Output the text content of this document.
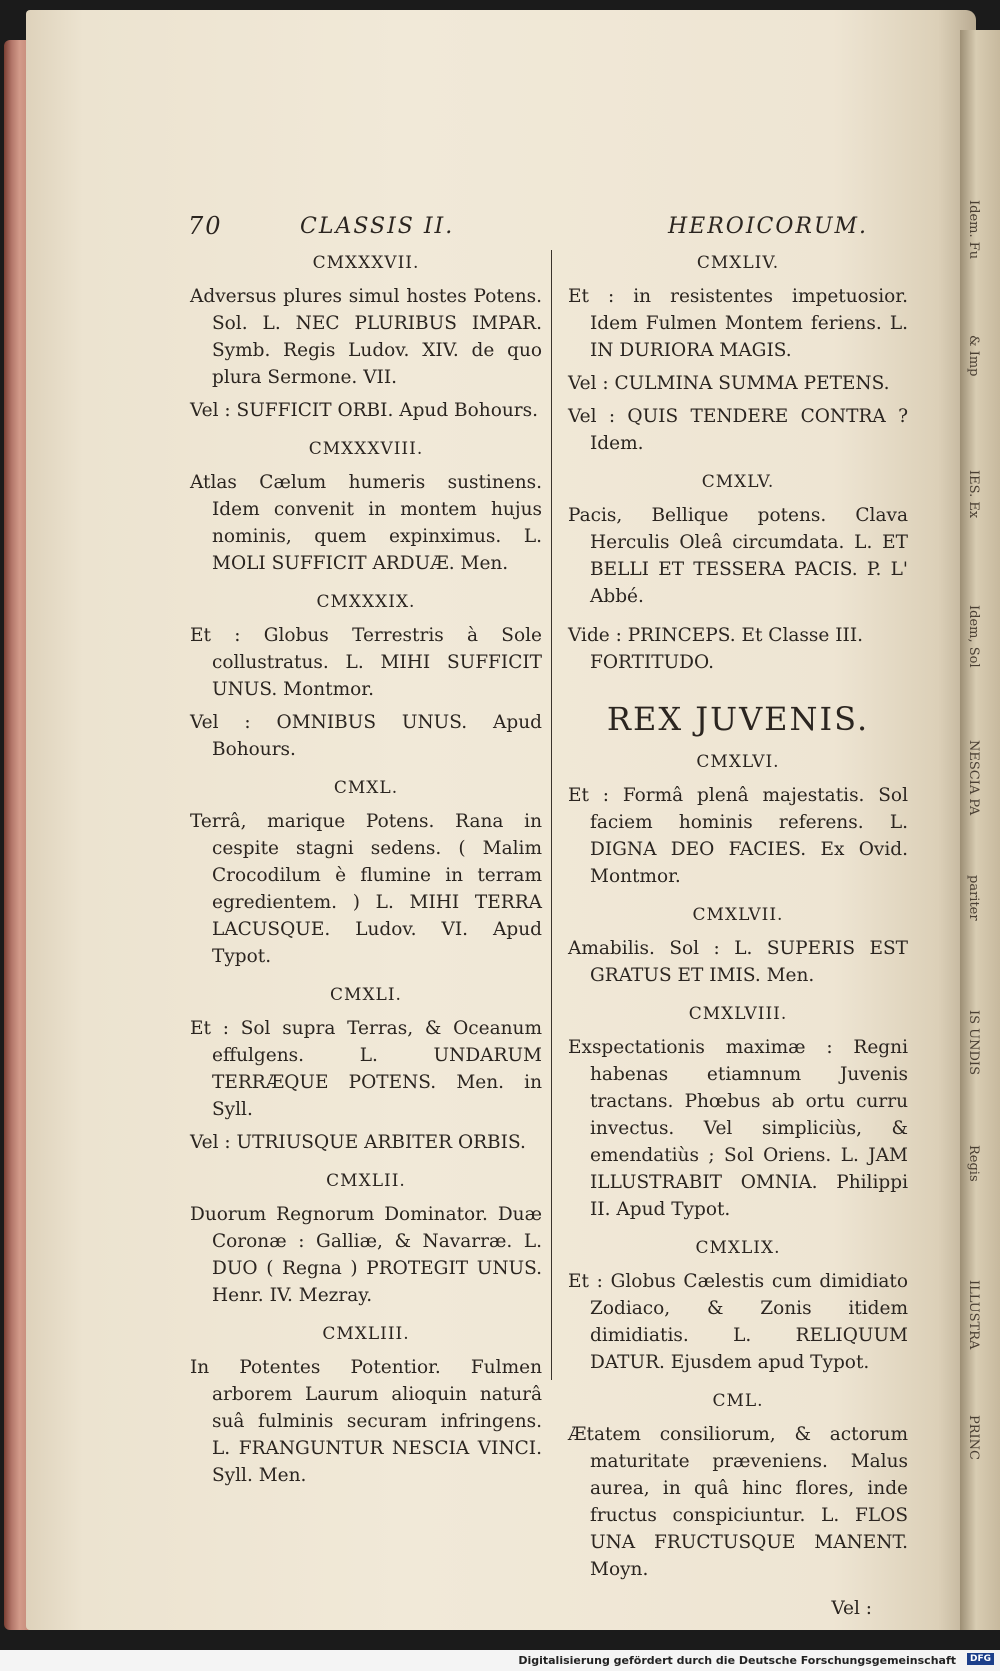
Idem. Fu
& Imp
IES. Ex
Idem, Sol
NESCIA PA
pariter
IS UNDIS
Regis
ILLUSTRA
PRINC
70	CLASSIS II.	HEROICORUM.
CMXXXVII.
Adversus plures simul hostes Potens. Sol. L. NEC PLURIBUS IMPAR. Symb. Regis Ludov. XIV. de quo plura Sermone. VII.
Vel : SUFFICIT ORBI. Apud Bohours.
CMXXXVIII.
Atlas Cælum humeris sustinens. Idem convenit in montem hujus nominis, quem expinximus. L. MOLI SUFFICIT ARDUÆ. Men.
CMXXXIX.
Et : Globus Terrestris à Sole collustratus. L. MIHI SUFFICIT UNUS. Montmor.
Vel : OMNIBUS UNUS. Apud Bohours.
CMXL.
Terrâ, marique Potens. Rana in cespite stagni sedens. ( Malim Crocodilum è flumine in terram egredientem. ) L. MIHI TERRA LACUSQUE. Ludov. VI. Apud Typot.
CMXLI.
Et : Sol supra Terras, & Oceanum effulgens. L. UNDARUM TERRÆQUE POTENS. Men. in Syll.
Vel : UTRIUSQUE ARBITER ORBIS.
CMXLII.
Duorum Regnorum Dominator. Duæ Coronæ : Galliæ, & Navarræ. L. DUO ( Regna ) PROTEGIT UNUS. Henr. IV. Mezray.
CMXLIII.
In Potentes Potentior. Fulmen arborem Laurum alioquin naturâ suâ fulminis securam infringens. L. FRANGUNTUR NESCIA VINCI. Syll. Men.
CMXLIV.
Et : in resistentes impetuosior. Idem Fulmen Montem feriens. L. IN DURIORA MAGIS.
Vel : CULMINA SUMMA PETENS.
Vel : QUIS TENDERE CONTRA ? Idem.
CMXLV.
Pacis, Bellique potens. Clava Herculis Oleâ circumdata. L. ET BELLI ET TESSERA PACIS. P. L' Abbé.
Vide : PRINCEPS. Et Classe III. FORTITUDO.
REX JUVENIS.
CMXLVI.
Et : Formâ plenâ majestatis. Sol faciem hominis referens. L. DIGNA DEO FACIES. Ex Ovid. Montmor.
CMXLVII.
Amabilis. Sol : L. SUPERIS EST GRATUS ET IMIS. Men.
CMXLVIII.
Exspectationis maximæ : Regni habenas etiamnum Juvenis tractans. Phœbus ab ortu curru invectus. Vel simpliciùs, & emendatiùs ; Sol Oriens. L. JAM ILLUSTRABIT OMNIA. Philippi II. Apud Typot.
CMXLIX.
Et : Globus Cælestis cum dimidiato Zodiaco, & Zonis itidem dimidiatis. L. RELIQUUM DATUR. Ejusdem apud Typot.
CML.
Ætatem consiliorum, & actorum maturitate præveniens. Malus aurea, in quâ hinc flores, inde fructus conspiciuntur. L. FLOS UNA FRUCTUSQUE MANENT. Moyn.
Vel :
Digitalisierung gefördert durch die Deutsche Forschungsgemeinschaft	DFG
